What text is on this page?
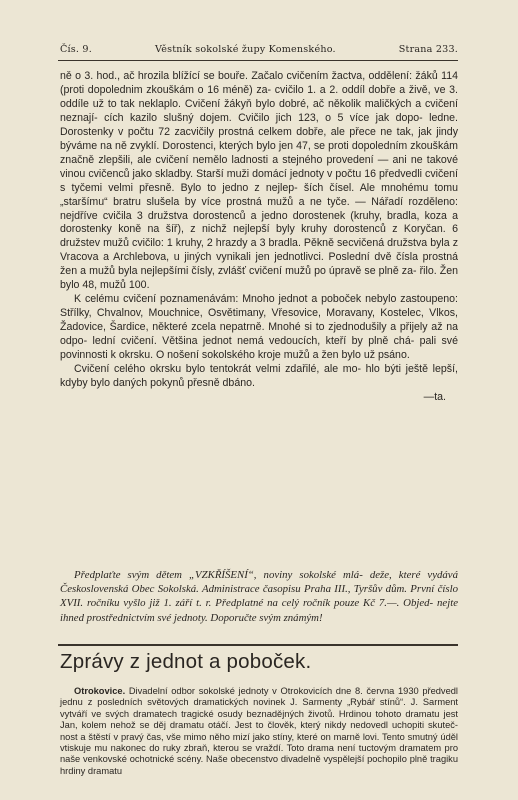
Čís. 9.	Věstník sokolské župy Komenského.	Strana 233.

ně o 3. hod., ač hrozila blížící se bouře. Začalo cvičením žactva, oddělení: žáků 114 (proti dopolednim zkouškám o 16 méně) za- cvičilo 1. a 2. oddíl dobře a živě, ve 3. oddíle už to tak neklaplo. Cvičení žákyň bylo dobré, ač několik maličkých a cvičení neznají- cích kazilo slušný dojem. Cvičilo jich 123, o 5 více jak dopo- ledne. Dorostenky v počtu 72 zacvičily prostná celkem dobře, ale přece ne tak, jak jindy býváme na ně zvyklí. Dorostenci, kterých bylo jen 47, se proti dopoledním zkouškám značně zlepšili, ale cvičení nemělo ladnosti a stejného provedení — ani ne takové vinou cvičenců jako skladby. Starší muži domácí jednoty v počtu 16 předvedli cvičení s tyčemi velmi přesně. Bylo to jedno z nejlep- ších čísel. Ale mnohému tomu „staršímu“ bratru slušela by více prostná mužů a ne tyče. — Nářadí rozděleno: nejdříve cvičila 3 družstva dorostenců a jedno dorostenek (kruhy, bradla, koza a dorostenky koně na šíř), z nichž nejlepší byly kruhy dorostenců z Koryčan. 6 družstev mužů cvičilo: 1 kruhy, 2 hrazdy a 3 bradla. Pěkně secvičená družstva byla z Vracova a Archlebova, u jiných vynikali jen jednotlivci. Poslední dvě čísla prostná žen a mužů byla nejlepšími čísly, zvlášť cvičení mužů po úpravě se plně za- řilo. Žen bylo 48, mužů 100.

K celému cvičení poznamenávám: Mnoho jednot a poboček nebylo zastoupeno: Střílky, Chvalnov, Mouchnice, Osvětimany, Vřesovice, Moravany, Kostelec, Vlkos, Žadovice, Šardice, některé zcela nepatrně. Mnohé si to zjednodušily a přijely až na odpo- lední cvičení. Většina jednot nemá vedoucích, kteří by plně chá- pali své povinnosti k okrsku. O nošení sokolského kroje mužů a žen bylo už psáno.

Cvičení celého okrsku bylo tentokrát velmi zdařilé, ale mo- hlo býti ještě lepší, kdyby bylo daných pokynů přesně dbáno.

—ta.

Předplaťte svým dětem „VZKŘÍŠENÍ“, noviny sokolské mlá- deže, které vydává Československá Obec Sokolská. Administrace časopisu Praha III., Tyršův dům. První číslo XVII. ročníku vyšlo již 1. září t. r. Předplatné na celý ročník pouze Kč 7.—. Objed- nejte ihned prostřednictvím své jednoty. Doporučte svým známým!

Zprávy z jednot a poboček.

Otrokovice. Divadelní odbor sokolské jednoty v Otrokovicích dne 8. června 1930 předvedl jednu z posledních světových dramatických novinek J. Sarmenty „Rybář stínů“. J. Sarment vytváří ve svých dramatech tragické osudy beznadějných životů. Hrdinou tohoto dramatu jest Jan, kolem nehož se děj dramatu otáčí. Jest to člověk, který nikdy nedovedl uchopiti skuteč- nost a štěstí v pravý čas, vše mimo něho mizí jako stíny, které on marně lovi. Tento smutný úděl vtiskuje mu nakonec do ruky zbraň, kterou se vraždí. Toto drama není tuctovým dramatem pro naše venkovské ochotnické scény. Naše obecenstvo divadelně vyspělejší pochopilo plně tragiku hrdiny dramatu
